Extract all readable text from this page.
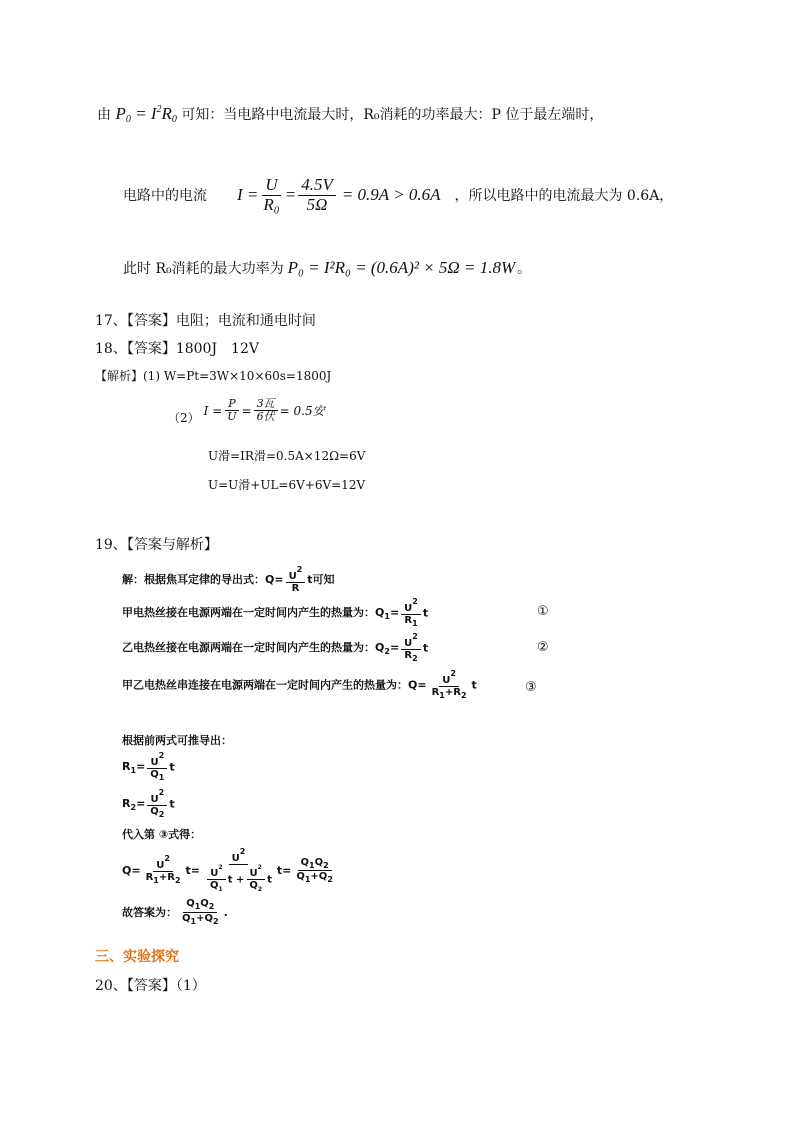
由 $P_0 = I^2R_0$ 可知：当电路中电流最大时，R₀消耗的功率最大：P 位于最左端时，
电路中的电流 I
= $\frac{U}{\text{R₀}} = \frac{4.5V}{5\Omega} = 0.9A > 0.6A$ ，所以电路中的电流最大为 0.6A，
此时 R₀消耗的最大功率为 P₀ = I²R₀ = (0.6A)² × 5Ω = 1.8W 。
17、【答案】电阻；电流和通电时间
18、【答案】1800J　12V
【解析】(1) W=Pt=3W×10×60s=1800J
（2）
I
= $\frac{P}{U} = \frac{\text{3瓦}}{\text{6伏}} = 0.5$安
U滑=IR滑=0.5A×12Ω=6V
U=U滑+UL=6V+6V=12V
19、【答案与解析】
解：根据焦耳定律的导出式：$Q= \frac{U^2}{R}$ t可知
甲电热丝接在电源两端在一定时间内产生的热量为：$Q_1= \frac{U^2}{R_1}$ t	①
乙电热丝接在电源两端在一定时间内产生的热量为：$Q_2= \frac{U^2}{R_2}$ t	②
甲乙电热丝串连接在电源两端在一定时间内产生的热量为：$Q= \frac{U^2}{R_1+R_2}$ t	③
根据前两式可推导出：
$R_1= \frac{U^2}{Q_1}$ t
$R_2= \frac{U^2}{Q_2}$ t
代入第 ③式得：
$Q= \frac{U^2}{R_1+R_2} t= \frac{U^2}{\frac{U^2}{Q_1} t + \frac{U^2}{Q_2} t} t= \frac{Q_1Q_2}{Q_1+Q_2}$
故答案为： $\frac{Q_1Q_2}{Q_1+Q_2}$ .
三、实验探究
20、【答案】（1）
